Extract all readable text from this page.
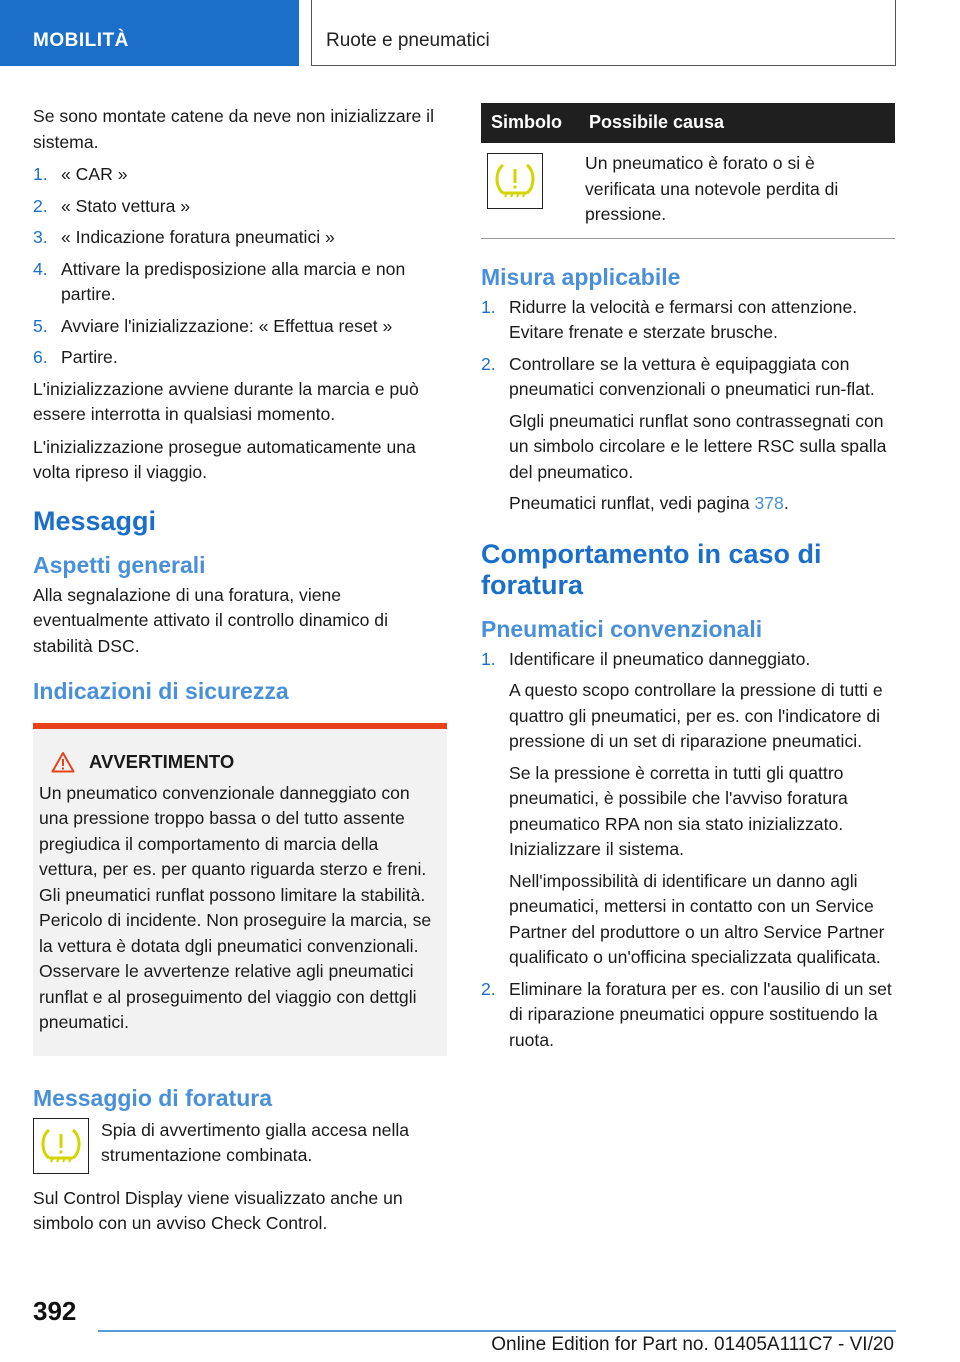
MOBILITÀ	Ruote e pneumatici

Se sono montate catene da neve non inizializzare il sistema.

1. « CAR »
2. « Stato vettura »
3. « Indicazione foratura pneumatici »
4. Attivare la predisposizione alla marcia e non partire.
5. Avviare l'inizializzazione: « Effettua reset »
6. Partire.

L'inizializzazione avviene durante la marcia e può essere interrotta in qualsiasi momento.

L'inizializzazione prosegue automaticamente una volta ripreso il viaggio.

Messaggi
Aspetti generali

Alla segnalazione di una foratura, viene eventualmente attivato il controllo dinamico di stabilità DSC.

Indicazioni di sicurezza
AVVERTIMENTO
Un pneumatico convenzionale danneggiato con una pressione troppo bassa o del tutto assente pregiudica il comportamento di marcia della vettura, per es. per quanto riguarda sterzo e freni. Gli pneumatici runflat possono limitare la stabilità. Pericolo di incidente. Non proseguire la marcia, se la vettura è dotata dgli pneumatici convenzionali. Osservare le avvertenze relative agli pneumatici runflat e al proseguimento del viaggio con dettgli pneumatici.
Messaggio di foratura
Spia di avvertimento gialla accesa nella strumentazione combinata.

Sul Control Display viene visualizzato anche un simbolo con un avviso Check Control.

Simbolo	Possibile causa

	Un pneumatico è forato o si è verificata una notevole perdita di pressione.
Misura applicabile
1. Ridurre la velocità e fermarsi con attenzione. Evitare frenate e sterzate brusche.
2. Controllare se la vettura è equipaggiata con pneumatici convenzionali o pneumatici run-flat.
Glgli pneumatici runflat sono contrassegnati con un simbolo circolare e le lettere RSC sulla spalla del pneumatico.
Pneumatici runflat, vedi pagina 378.
Comportamento in caso di foratura
Pneumatici convenzionali
1. Identificare il pneumatico danneggiato.
A questo scopo controllare la pressione di tutti e quattro gli pneumatici, per es. con l'indicatore di pressione di un set di riparazione pneumatici.
Se la pressione è corretta in tutti gli quattro pneumatici, è possibile che l'avviso foratura pneumatico RPA non sia stato inizializzato. Inizializzare il sistema.
Nell'impossibilità di identificare un danno agli pneumatici, mettersi in contatto con un Service Partner del produttore o un altro Service Partner qualificato o un'officina specializzata qualificata.
2. Eliminare la foratura per es. con l'ausilio di un set di riparazione pneumatici oppure sostituendo la ruota.
392
Online Edition for Part no. 01405A111C7 - VI/20
